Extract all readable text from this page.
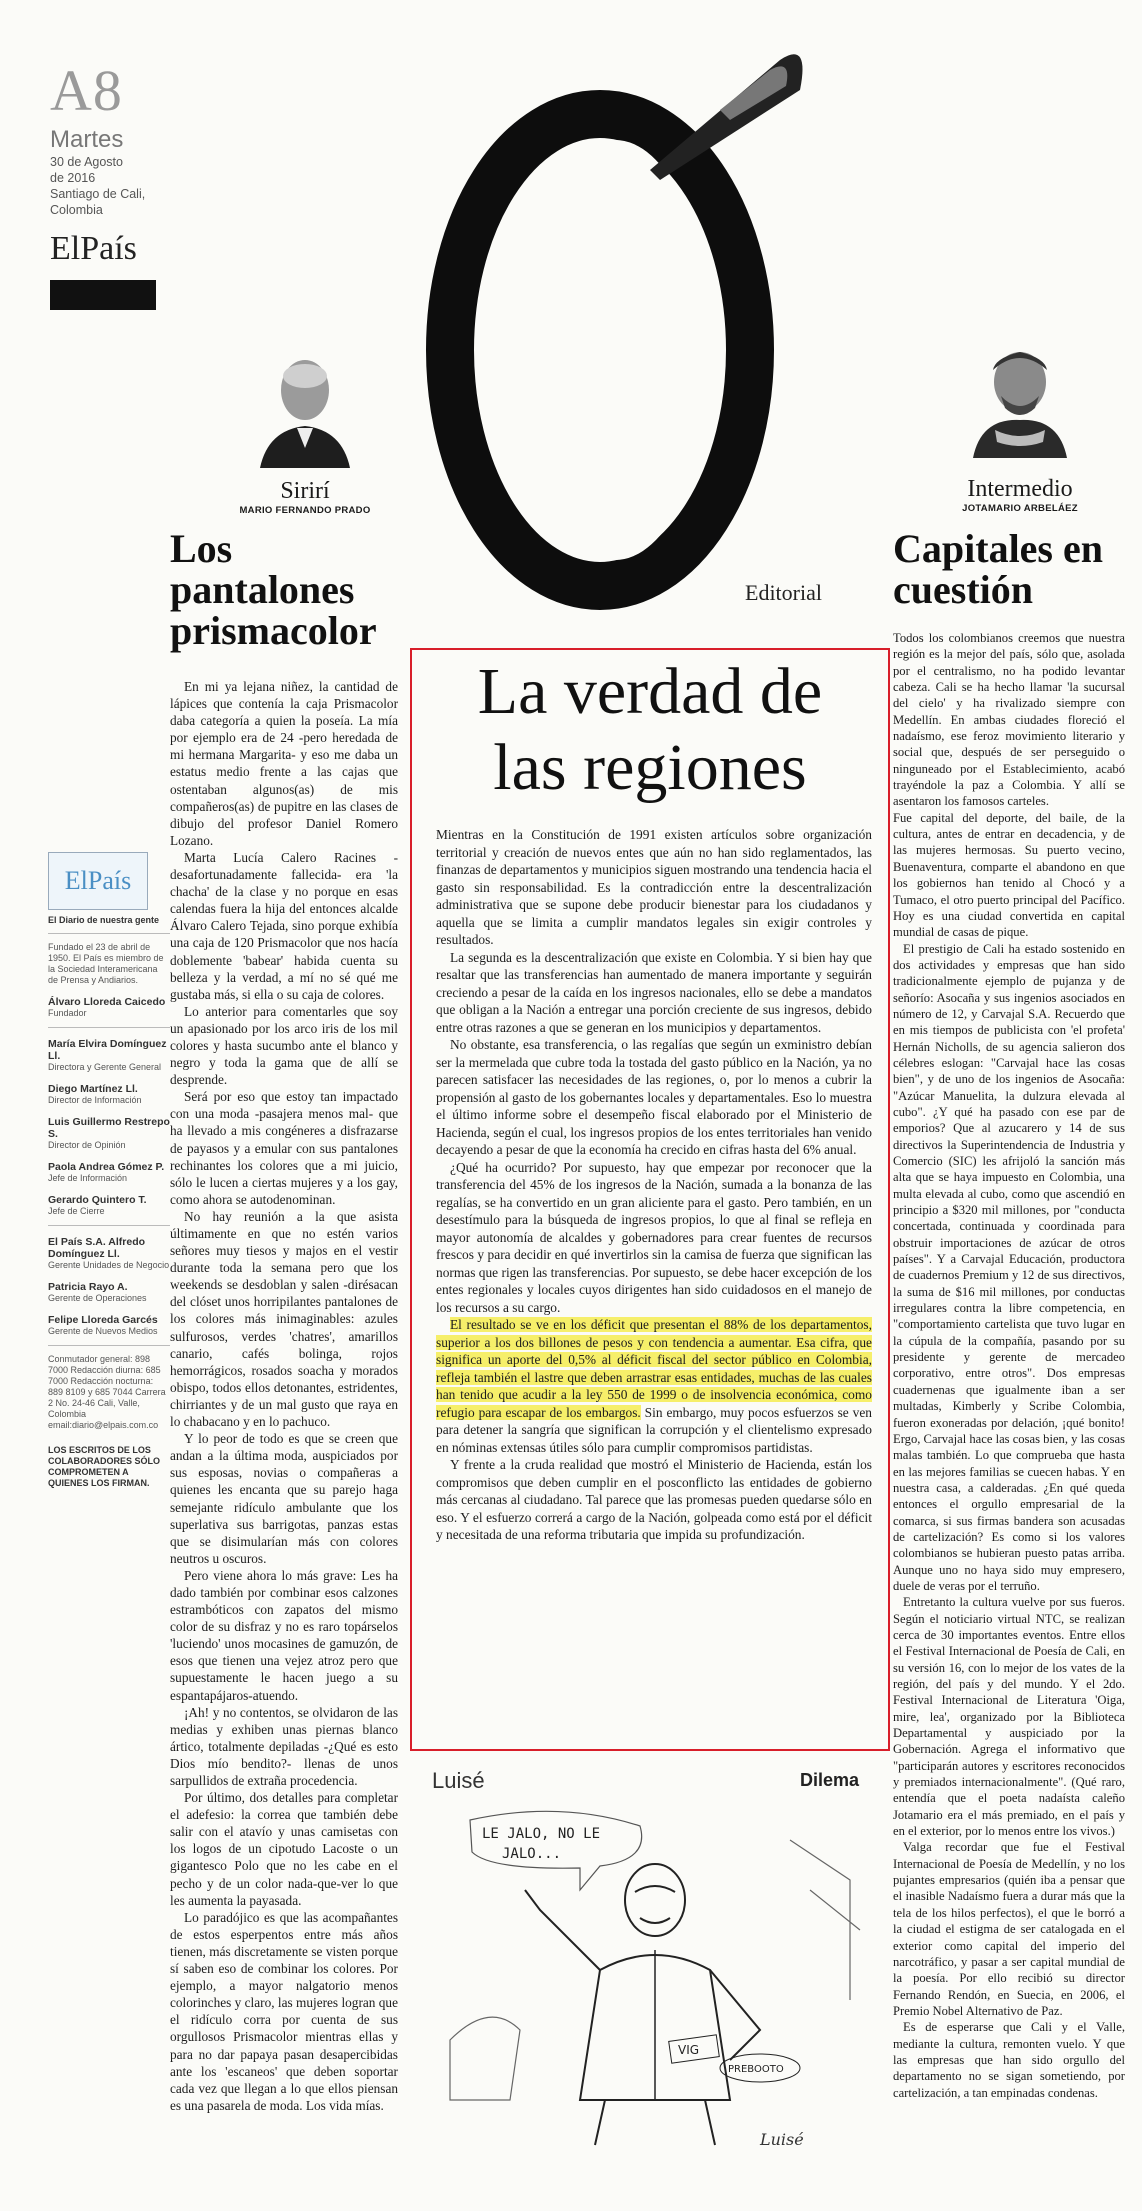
A8
Martes
30 de Agosto
de 2016
Santiago de Cali,
Colombia
ElPaís
Sirirí
MARIO FERNANDO PRADO
Intermedio
JOTAMARIO ARBELÁEZ
Los pantalones prismacolor

En mi ya lejana niñez, la cantidad de lápices que contenía la caja Prismacolor daba categoría a quien la poseía. La mía por ejemplo era de 24 -pero heredada de mi hermana Margarita- y eso me daba un estatus medio frente a las cajas que ostentaban algunos(as) de mis compañeros(as) de pupitre en las clases de dibujo del profesor Daniel Romero Lozano.

Marta Lucía Calero Racines -desafortunadamente fallecida- era 'la chacha' de la clase y no porque en esas calendas fuera la hija del entonces alcalde Álvaro Calero Tejada, sino porque exhibía una caja de 120 Prismacolor que nos hacía doblemente 'babear' habida cuenta su belleza y la verdad, a mí no sé qué me gustaba más, si ella o su caja de colores.

Lo anterior para comentarles que soy un apasionado por los arco iris de los mil colores y hasta sucumbo ante el blanco y negro y toda la gama que de allí se desprende.

Será por eso que estoy tan impactado con una moda -pasajera menos mal- que ha llevado a mis congéneres a disfrazarse de payasos y a emular con sus pantalones rechinantes los colores que a mi juicio, sólo le lucen a ciertas mujeres y a los gay, como ahora se autodenominan.

No hay reunión a la que asista últimamente en que no estén varios señores muy tiesos y majos en el vestir durante toda la semana pero que los weekends se desdoblan y salen -dirésacan del clóset unos horripilantes pantalones de los colores más inimaginables: azules sulfurosos, verdes 'chatres', amarillos canario, cafés bolinga, rojos hemorrágicos, rosados soacha y morados obispo, todos ellos detonantes, estridentes, chirriantes y de un mal gusto que raya en lo chabacano y en lo pachuco.

Y lo peor de todo es que se creen que andan a la última moda, auspiciados por sus esposas, novias o compañeras a quienes les encanta que su parejo haga semejante ridículo ambulante que los superlativa sus barrigotas, panzas estas que se disimularían más con colores neutros u oscuros.

Pero viene ahora lo más grave: Les ha dado también por combinar esos calzones estrambóticos con zapatos del mismo color de su disfraz y no es raro topárselos 'luciendo' unos mocasines de gamuzón, de esos que tienen una vejez atroz pero que supuestamente le hacen juego a su espantapájaros-atuendo.

¡Ah! y no contentos, se olvidaron de las medias y exhiben unas piernas blanco ártico, totalmente depiladas -¿Qué es esto Dios mío bendito?- llenas de unos sarpullidos de extraña procedencia.

Por último, dos detalles para completar el adefesio: la correa que también debe salir con el atavío y unas camisetas con los logos de un cipotudo Lacoste o un gigantesco Polo que no les cabe en el pecho y de un color nada-que-ver lo que les aumenta la payasada.

Lo paradójico es que las acompañantes de estos esperpentos entre más años tienen, más discretamente se visten porque sí saben eso de combinar los colores. Por ejemplo, a mayor nalgatorio menos colorinches y claro, las mujeres logran que el ridículo corra por cuenta de sus orgullosos Prismacolor mientras ellas y para no dar papaya pasan desapercibidas ante los 'escaneos' que deben soportar cada vez que llegan a lo que ellos piensan es una pasarela de moda. Los vida mías.

ElPaís
El Diario de nuestra gente
Fundado el 23 de abril de 1950. El País es miembro de la Sociedad Interamericana de Prensa y Andiarios.
Álvaro Lloreda Caicedo
Fundador
María Elvira Domínguez Ll.
Directora y Gerente General
Diego Martínez Ll.
Director de Información
Luis Guillermo Restrepo S.
Director de Opinión
Paola Andrea Gómez P.
Jefe de Información
Gerardo Quintero T.
Jefe de Cierre
El País S.A. Alfredo Domínguez Ll.
Gerente Unidades de Negocio
Patricia Rayo A.
Gerente de Operaciones
Felipe Lloreda Garcés
Gerente de Nuevos Medios
Conmutador general: 898 7000 Redacción diurna: 685 7000 Redacción nocturna: 889 8109 y 685 7044 Carrera 2 No. 24-46 Cali, Valle, Colombia email:diario@elpais.com.co
LOS ESCRITOS DE LOS COLABORADORES SÓLO COMPROMETEN A QUIENES LOS FIRMAN.
Editorial
La verdad de
las regiones

Mientras en la Constitución de 1991 existen artículos sobre organización territorial y creación de nuevos entes que aún no han sido reglamentados, las finanzas de departamentos y municipios siguen mostrando una tendencia hacia el gasto sin responsabilidad. Es la contradicción entre la descentralización administrativa que se supone debe producir bienestar para los ciudadanos y aquella que se limita a cumplir mandatos legales sin exigir controles y resultados.

La segunda es la descentralización que existe en Colombia. Y si bien hay que resaltar que las transferencias han aumentado de manera importante y seguirán creciendo a pesar de la caída en los ingresos nacionales, ello se debe a mandatos que obligan a la Nación a entregar una porción creciente de sus ingresos, debido entre otras razones a que se generan en los municipios y departamentos.

No obstante, esa transferencia, o las regalías que según un exministro debían ser la mermelada que cubre toda la tostada del gasto público en la Nación, ya no parecen satisfacer las necesidades de las regiones, o, por lo menos a cubrir la propensión al gasto de los gobernantes locales y departamentales. Eso lo muestra el último informe sobre el desempeño fiscal elaborado por el Ministerio de Hacienda, según el cual, los ingresos propios de los entes territoriales han venido decayendo a pesar de que la economía ha crecido en cifras hasta del 6% anual.

¿Qué ha ocurrido? Por supuesto, hay que empezar por reconocer que la transferencia del 45% de los ingresos de la Nación, sumada a la bonanza de las regalías, se ha convertido en un gran aliciente para el gasto. Pero también, en un desestímulo para la búsqueda de ingresos propios, lo que al final se refleja en mayor autonomía de alcaldes y gobernadores para crear fuentes de recursos frescos y para decidir en qué invertirlos sin la camisa de fuerza que significan las normas que rigen las transferencias. Por supuesto, se debe hacer excepción de los entes regionales y locales cuyos dirigentes han sido cuidadosos en el manejo de los recursos a su cargo.

El resultado se ve en los déficit que presentan el 88% de los departamentos, superior a los dos billones de pesos y con tendencia a aumentar. Esa cifra, que significa un aporte del 0,5% al déficit fiscal del sector público en Colombia, refleja también el lastre que deben arrastrar esas entidades, muchas de las cuales han tenido que acudir a la ley 550 de 1999 o de insolvencia económica, como refugio para escapar de los embargos. Sin embargo, muy pocos esfuerzos se ven para detener la sangría que significan la corrupción y el clientelismo expresado en nóminas extensas útiles sólo para cumplir compromisos partidistas.

Y frente a la cruda realidad que mostró el Ministerio de Hacienda, están los compromisos que deben cumplir en el posconflicto las entidades de gobierno más cercanas al ciudadano. Tal parece que las promesas pueden quedarse sólo en eso. Y el esfuerzo correrá a cargo de la Nación, golpeada como está por el déficit y necesitada de una reforma tributaria que impida su profundización.

Luisé	Dilema
LE JALO, NO LE
JALO...
VIG
PREBOOTO
Luisé
Capitales en cuestión

Todos los colombianos creemos que nuestra región es la mejor del país, sólo que, asolada por el centralismo, no ha podido levantar cabeza. Cali se ha hecho llamar 'la sucursal del cielo' y ha rivalizado siempre con Medellín. En ambas ciudades floreció el nadaísmo, ese feroz movimiento literario y social que, después de ser perseguido o ninguneado por el Establecimiento, acabó trayéndole la paz a Colombia. Y allí se asentaron los famosos carteles.

Fue capital del deporte, del baile, de la cultura, antes de entrar en decadencia, y de las mujeres hermosas. Su puerto vecino, Buenaventura, comparte el abandono en que los gobiernos han tenido al Chocó y a Tumaco, el otro puerto principal del Pacífico. Hoy es una ciudad convertida en capital mundial de casas de pique.

El prestigio de Cali ha estado sostenido en dos actividades y empresas que han sido tradicionalmente ejemplo de pujanza y de señorío: Asocaña y sus ingenios asociados en número de 12, y Carvajal S.A. Recuerdo que en mis tiempos de publicista con 'el profeta' Hernán Nicholls, de su agencia salieron dos célebres eslogan: "Carvajal hace las cosas bien", y de uno de los ingenios de Asocaña: "Azúcar Manuelita, la dulzura elevada al cubo". ¿Y qué ha pasado con ese par de emporios? Que al azucarero y 14 de sus directivos la Superintendencia de Industria y Comercio (SIC) les afrijoló la sanción más alta que se haya impuesto en Colombia, una multa elevada al cubo, como que ascendió en principio a $320 mil millones, por "conducta concertada, continuada y coordinada para obstruir importaciones de azúcar de otros países". Y a Carvajal Educación, productora de cuadernos Premium y 12 de sus directivos, la suma de $16 mil millones, por conductas irregulares contra la libre competencia, en "comportamiento cartelista que tuvo lugar en la cúpula de la compañía, pasando por su presidente y gerente de mercadeo corporativo, entre otros". Dos empresas cuadernenas que igualmente iban a ser multadas, Kimberly y Scribe Colombia, fueron exoneradas por delación, ¡qué bonito! Ergo, Carvajal hace las cosas bien, y las cosas malas también. Lo que comprueba que hasta en las mejores familias se cuecen habas. Y en nuestra casa, a calderadas. ¿En qué queda entonces el orgullo empresarial de la comarca, si sus firmas bandera son acusadas de cartelización? Es como si los valores colombianos se hubieran puesto patas arriba. Aunque uno no haya sido muy empresero, duele de veras por el terruño.

Entretanto la cultura vuelve por sus fueros. Según el noticiario virtual NTC, se realizan cerca de 30 importantes eventos. Entre ellos el Festival Internacional de Poesía de Cali, en su versión 16, con lo mejor de los vates de la región, del país y del mundo. Y el 2do. Festival Internacional de Literatura 'Oiga, mire, lea', organizado por la Biblioteca Departamental y auspiciado por la Gobernación. Agrega el informativo que "participarán autores y escritores reconocidos y premiados internacionalmente". (Qué raro, entendía que el poeta nadaísta caleño Jotamario era el más premiado, en el país y en el exterior, por lo menos entre los vivos.)

Valga recordar que fue el Festival Internacional de Poesía de Medellín, y no los pujantes empresarios (quién iba a pensar que el inasible Nadaísmo fuera a durar más que la tela de los hilos perfectos), el que le borró a la ciudad el estigma de ser catalogada en el exterior como capital del imperio del narcotráfico, y pasar a ser capital mundial de la poesía. Por ello recibió su director Fernando Rendón, en Suecia, en 2006, el Premio Nobel Alternativo de Paz.

Es de esperarse que Cali y el Valle, mediante la cultura, remonten vuelo. Y que las empresas que han sido orgullo del departamento no se sigan sometiendo, por cartelización, a tan empinadas condenas.
